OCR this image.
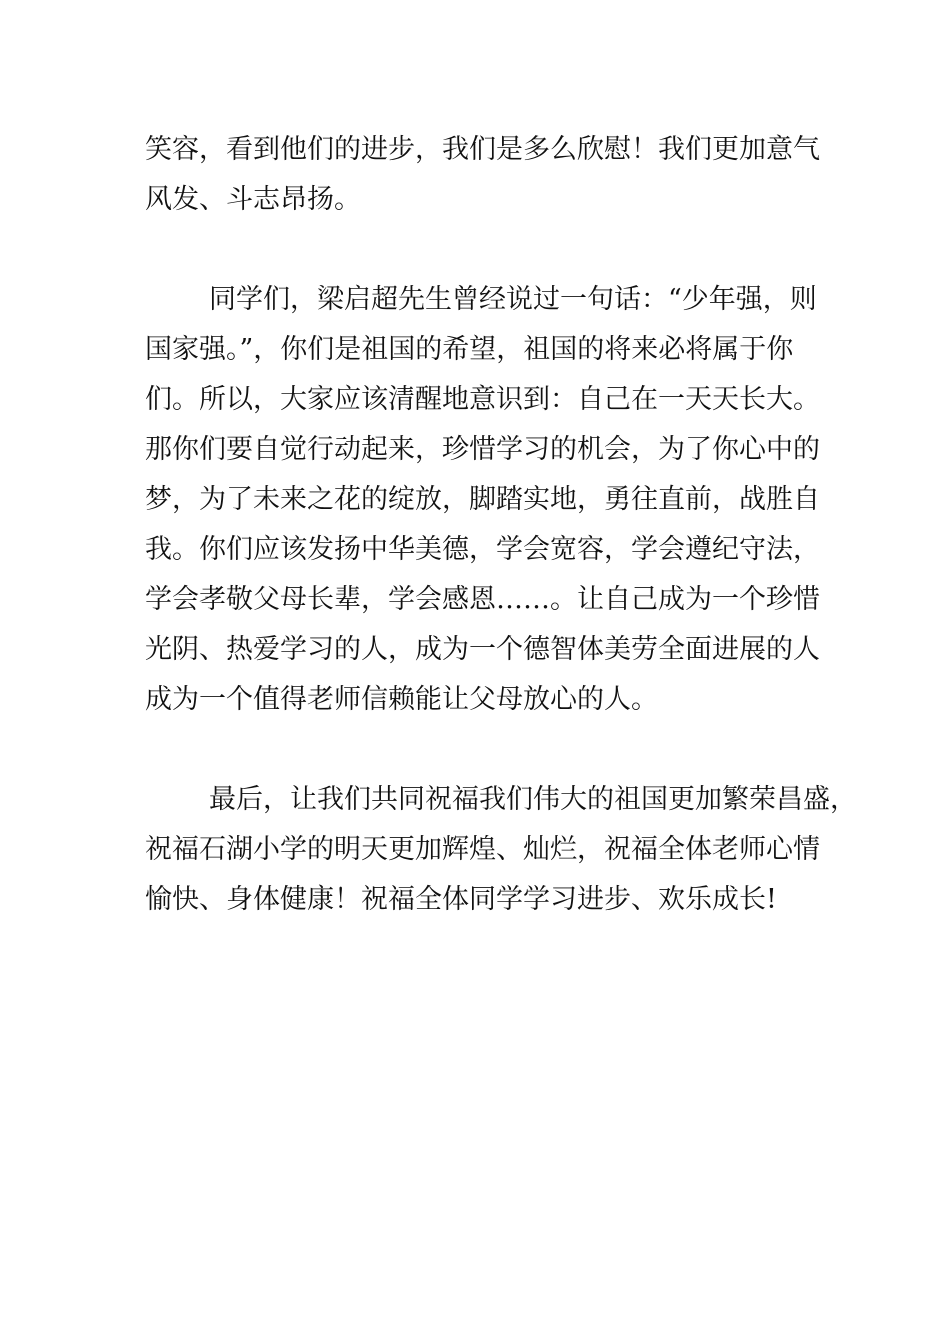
笑容，看到他们的进步，我们是多么欣慰！我们更加意气
风发、斗志昂扬。
同学们，梁启超先生曾经说过一句话：“少年强，则
国家强。”，你们是祖国的希望，祖国的将来必将属于你
们。所以，大家应该清醒地意识到：自己在一天天长大。
那你们要自觉行动起来，珍惜学习的机会，为了你心中的
梦，为了未来之花的绽放，脚踏实地，勇往直前，战胜自
我。你们应该发扬中华美德，学会宽容，学会遵纪守法，
学会孝敬父母长辈，学会感恩……。让自己成为一个珍惜
光阴、热爱学习的人，成为一个德智体美劳全面进展的人
成为一个值得老师信赖能让父母放心的人。
最后，让我们共同祝福我们伟大的祖国更加繁荣昌盛，
祝福石湖小学的明天更加辉煌、灿烂，祝福全体老师心情
愉快、身体健康！祝福全体同学学习进步、欢乐成长!
